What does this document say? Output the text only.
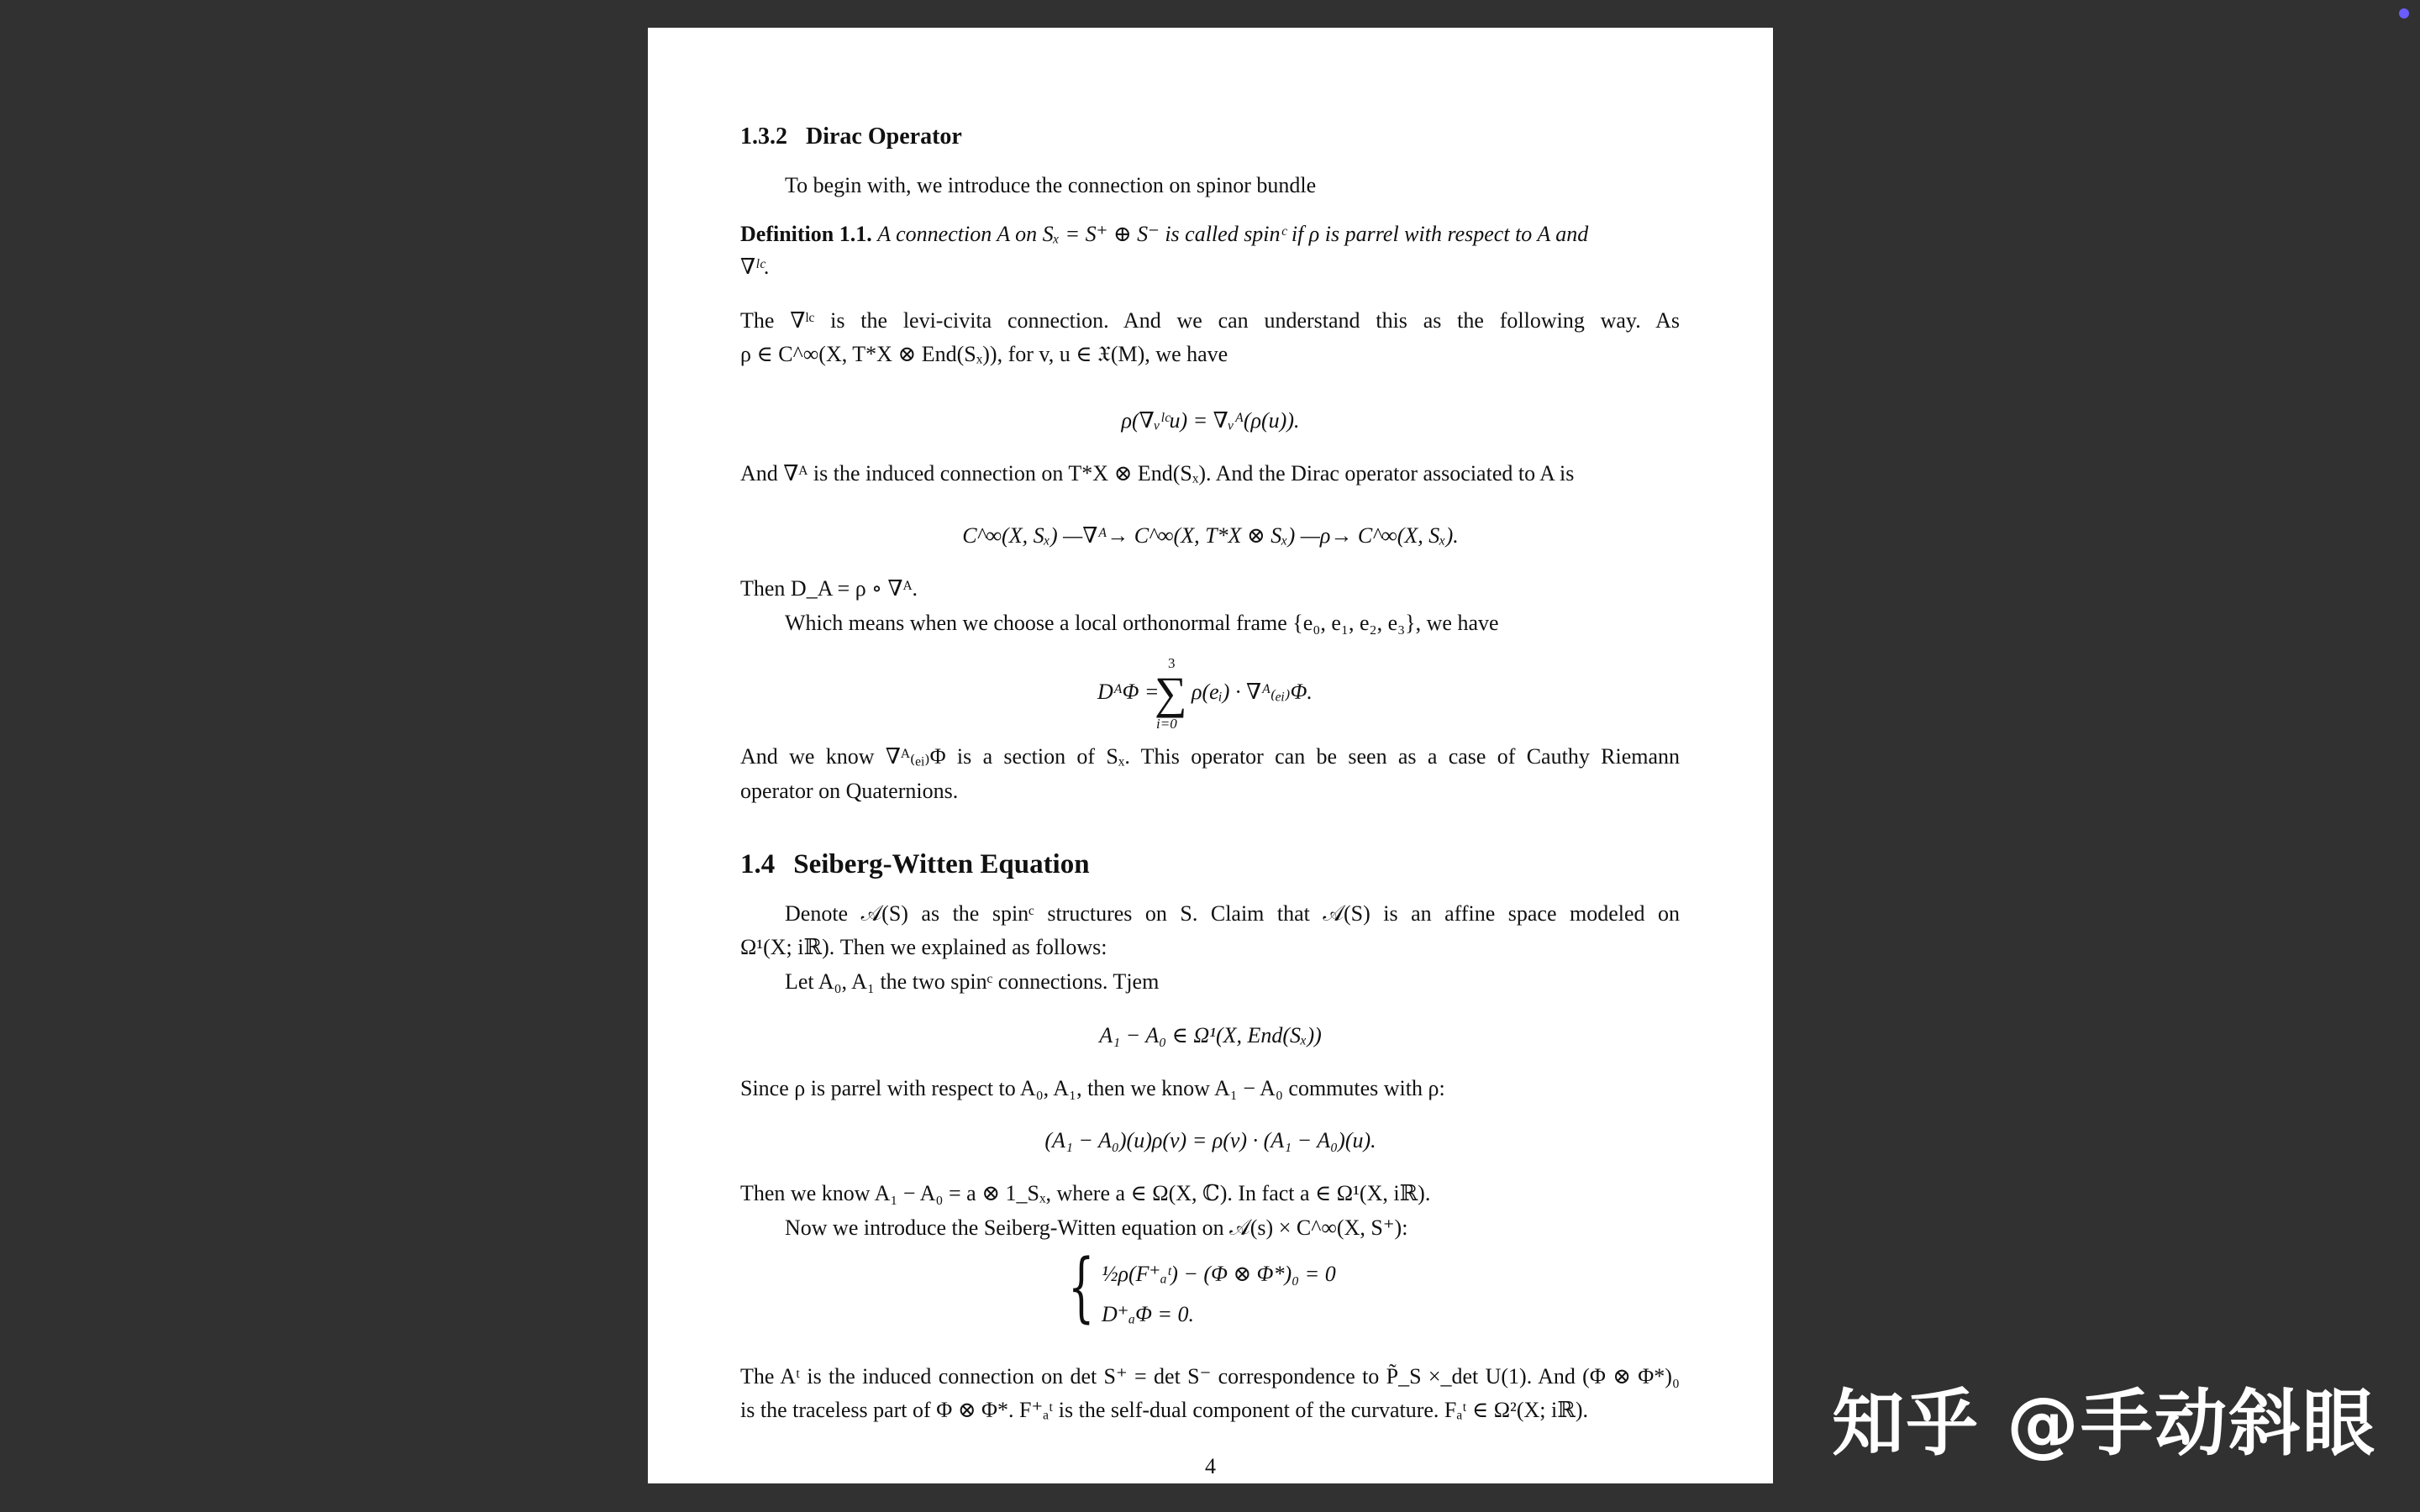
1.3.2 Dirac Operator
To begin with, we introduce the connection on spinor bundle
Definition 1.1. A connection A on Sₓ = S⁺ ⊕ S⁻ is called spinᶜ if ρ is parrel with respect to A and
∇ˡᶜ.
The ∇ˡᶜ is the levi-civita connection. And we can understand this as the following way. As
ρ ∈ C^∞(X, T*X ⊗ End(Sₓ)), for v, u ∈ 𝔛(M), we have
ρ(∇ᵥˡᶜu) = ∇ᵥᴬ(ρ(u)).
And ∇ᴬ is the induced connection on T*X ⊗ End(Sₓ). And the Dirac operator associated to A is
C^∞(X, Sₓ) —∇ᴬ→ C^∞(X, T*X ⊗ Sₓ) —ρ→ C^∞(X, Sₓ).
Then D_A = ρ ∘ ∇ᴬ.
Which means when we choose a local orthonormal frame {e₀, e₁, e₂, e₃}, we have
DᴬΦ =
3
∑
i=0
ρ(eᵢ) · ∇ᴬ₍ₑᵢ₎Φ.
And we know ∇ᴬ₍ₑᵢ₎Φ is a section of Sₓ. This operator can be seen as a case of Cauthy Riemann
operator on Quaternions.
1.4 Seiberg-Witten Equation
Denote 𝒜(S) as the spinᶜ structures on S. Claim that 𝒜(S) is an affine space modeled on
Ω¹(X; iℝ). Then we explained as follows:
Let A₀, A₁ the two spinᶜ connections. Tjem
A₁ − A₀ ∈ Ω¹(X, End(Sₓ))
Since ρ is parrel with respect to A₀, A₁, then we know A₁ − A₀ commutes with ρ:
(A₁ − A₀)(u)ρ(v) = ρ(v) · (A₁ − A₀)(u).
Then we know A₁ − A₀ = a ⊗ 1_Sₓ, where a ∈ Ω(X, ℂ). In fact a ∈ Ω¹(X, iℝ).
Now we introduce the Seiberg-Witten equation on 𝒜(s) × C^∞(X, S⁺):
{ ½ρ(F⁺ₐᵗ) − (Φ ⊗ Φ*)₀ = 0
D⁺ₐΦ = 0.
The Aᵗ is the induced connection on det S⁺ = det S⁻ correspondence to P̃_S ×_det U(1). And (Φ ⊗ Φ*)₀
is the traceless part of Φ ⊗ Φ*. F⁺ₐᵗ is the self-dual component of the curvature. Fₐᵗ ∈ Ω²(X; iℝ).
4
知乎 @手动斜眼
